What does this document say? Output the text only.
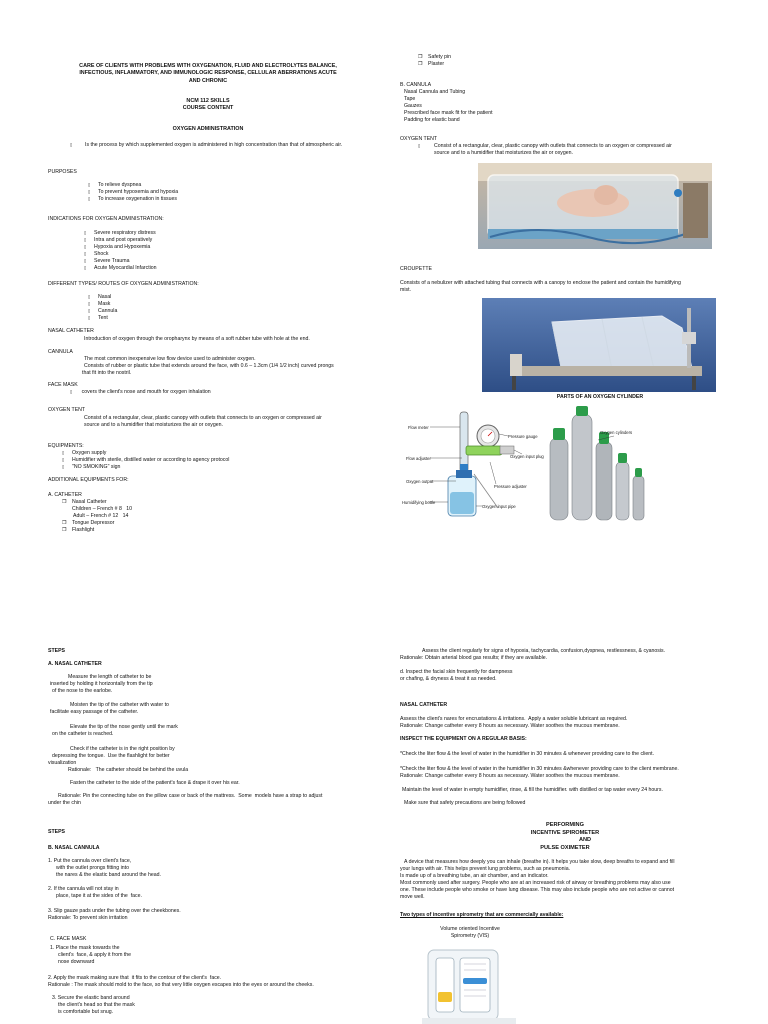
CARE OF CLIENTS WITH PROBLEMS WITH OXYGENATION, FLUID AND ELECTROLYTES BALANCE,
INFECTIOUS, INFLAMMATORY, AND IMMUNOLOGIC RESPONSE, CELLULAR ABERRATIONS ACUTE
AND CHRONIC
NCM 112 SKILLS
COURSE CONTENT
OXYGEN ADMINISTRATION
▯	Is the process by which supplemented oxygen is administered in high concentration than that of atmospheric air.
PURPOSES
▯ To relieve dyspnea
▯ To prevent hypoxemia and hypoxia
▯ To increase oxygenation in tissues
INDICATIONS FOR OXYGEN ADMINISTRATION:
▯ Severe respiratory distress
▯ Intra and post operatively
▯ Hypoxia and Hypoxemia
▯ Shock
▯ Severe Trauma
▯ Acute Myocardial Infarction
DIFFERENT TYPES/ ROUTES OF OXYGEN ADMINISTRATION:
▯ Nasal
▯ Mask
▯ Cannula
▯ Tent
NASAL CATHETER
Introduction of oxygen through the oropharynx by means of a soft rubber tube with hole at the end.
CANNULA
The most common inexpensive low flow device used to administer oxygen.
Consists of rubber or plastic tube that extends around the face, with 0.6 – 1.3cm (1/4 1/2 inch) curved prongs
that fit into the nostril.
FACE MASK
▯ covers the client's nose and mouth for oxygen inhalation
OXYGEN TENT
Consist of a rectangular, clear, plastic canopy with outlets that connects to an oxygen or compressed air
source and to a humidifier that moisturizes the air or oxygen.
EQUIPMENTS:
▯ Oxygen supply
▯ Humidifier with sterile, distilled water or according to agency protocol
▯ "NO SMOKING" sign
ADDITIONAL EQUIPMENTS FOR:
A. CATHETER
❐ Nasal Catheter
Children – French # 8   10
Adult – French # 12   14
❐ Tongue Depressor
❐ Flashlight
❐ Safety pin
❐ Plaster
B. CANNULA
Nasal Cannula and Tubing
Tape
Gauzes
Prescribed face mask fit for the patient
Padding for elastic band
OXYGEN TENT
▯	Consist of a rectangular, clear, plastic canopy with outlets that connects to an oxygen or compressed air
source and to a humidifier that moisturizes the air or oxygen.
CROUPETTE
Consists of a nebulizer with attached tubing that connects with a canopy to enclose the patient and contain the humidifying
mist.
PARTS OF AN OXYGEN CYLINDER
Flow meter
Pressure gauge
Flow adjuster	Oxygen input plug
Oxygen output
Pressure adjuster
Humidifying bottle
Oxygen input pipe
Oxygen cylinders
STEPS
A. NASAL CATHETER
Measure the length of catheter to be
inserted by holding it horizontally from the tip
of the nose to the earlobe.
Moisten the tip of the catheter with water to
facilitate easy passage of the catheter.
Elevate the tip of the nose gently until the mark
on the catheter is reached.
Check if the catheter is in the right position by
depressing the tongue.  Use the flashlight for better
visualization
Rationale:   The catheter should be behind the uvula
Fasten the catheter to the side of the patient's face & drape it over his ear.
Rationale: Pin the connecting tube on the pillow case or back of the mattress.  Some  models have a strap to adjust
under the chin
STEPS
B. NASAL CANNULA
1. Put the cannula over client's face,
with the outlet prongs fitting into
the nares & the elastic band around the head.
2. If the cannula will not stay in
place, tape it at the sides of the  face.
3. Slip gauze pads under the tubing over the cheekbones.
Rationale: To prevent skin irritation
C. FACE MASK
1. Place the mask towards the
client's  face, & apply it from the
nose downward
2. Apply the mask making sure that  it fits to the contour of the client's  face.
Rationale : The mask should mold to the face, so that very little oxygen escapes into the eyes or around the cheeks.
3. Secure the elastic band around
the client's head so that the mask
is comfortable but snug.
Assess the client regularly for signs of hypoxia, tachycardia, confusion,dyspnea, restlessness, & cyanosis.
Rationale: Obtain arterial blood gas results; if they are available.
d. Inspect the facial skin frequently for dampness
or chafing, & dryness & treat it as needed.
NASAL CATHETER
Assess the client's nares for encrustations & irritations.  Apply a water soluble lubricant as required.
Rationale: Change catheter every 8 hours as necessary. Water soothes the mucous membrane.
INSPECT THE EQUIPMENT ON A REGULAR BASIS:
*Check the liter flow & the level of water in the humidifier in 30 minutes & whenever providing care to the client.
*Check the liter flow & the level of water in the humidifier in 30 minutes &whenever providing care to the client membrane.
Rationale: Change catheter every 8 hours as necessary. Water soothes the mucous membrane.
Maintain the level of water in empty humidifier, rinse, & fill the humidifier. with distilled or tap water every 24 hours.
Make sure that safety precautions are being followed
PERFORMING
INCENTIVE SPIROMETER
AND
PULSE OXIMETER
A device that measures how deeply you can inhale (breathe in). It helps you take slow, deep breaths to expand and fill
your lungs with air. This helps prevent lung problems, such as pneumonia.
Is made up of a breathing tube, an air chamber, and an indicator.
Most commonly used after surgery. People who are at an increased risk of airway or breathing problems may also use
one. These include people who smoke or have lung disease. This may also include people who are not active or cannot
move well.
Two types of incentive spirometry that are commercially available:
Volume oriented Incentive
Spirometry (VIS)
